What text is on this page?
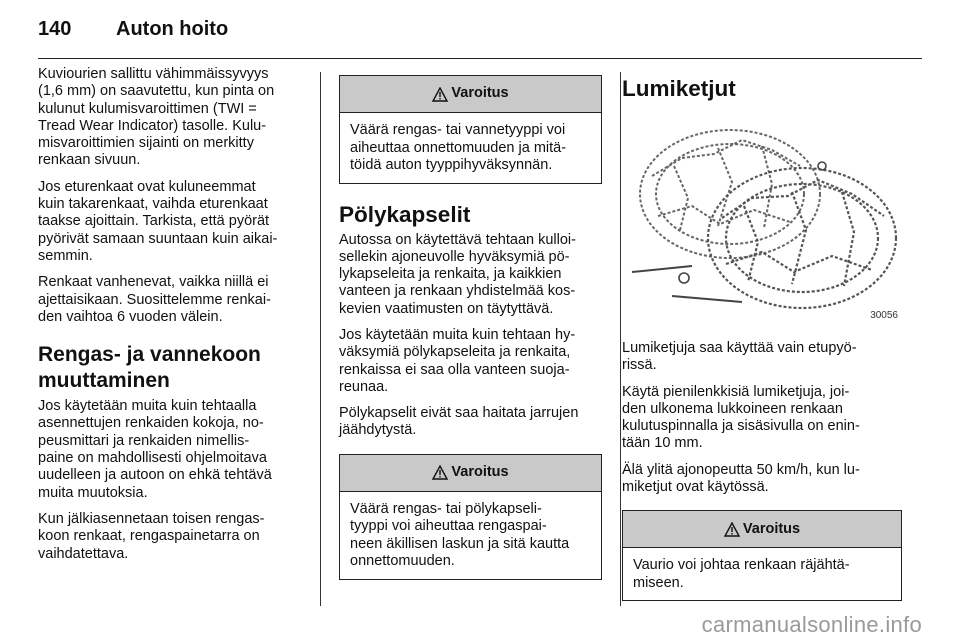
140	Auton hoito

Kuviourien sallittu vähimmäissyvyys
(1,6 mm) on saavutettu, kun pinta on
kulunut kulumisvaroittimen (TWI =
Tread Wear Indicator) tasolle. Kulu-
misvaroittimien sijainti on merkitty
renkaan sivuun.

Jos eturenkaat ovat kuluneemmat
kuin takarenkaat, vaihda eturenkaat
taakse ajoittain. Tarkista, että pyörät
pyörivät samaan suuntaan kuin aikai-
semmin.

Renkaat vanhenevat, vaikka niillä ei
ajettaisikaan. Suosittelemme renkai-
den vaihtoa 6 vuoden välein.

Rengas- ja vannekoon
muuttaminen

Jos käytetään muita kuin tehtaalla
asennettujen renkaiden kokoja, no-
peusmittari ja renkaiden nimellis-
paine on mahdollisesti ohjelmoitava
uudelleen ja autoon on ehkä tehtävä
muita muutoksia.

Kun jälkiasennetaan toisen rengas-
koon renkaat, rengaspainetarra on
vaihdatettava.

Varoitus
Väärä rengas- tai vannetyyppi voi
aiheuttaa onnettomuuden ja mitä-
töidä auton tyyppihyväksynnän.
Pölykapselit

Autossa on käytettävä tehtaan kulloi-
sellekin ajoneuvolle hyväksymiä pö-
lykapseleita ja renkaita, ja kaikkien
vanteen ja renkaan yhdistelmää kos-
kevien vaatimusten on täytyttävä.

Jos käytetään muita kuin tehtaan hy-
väksymiä pölykapseleita ja renkaita,
renkaissa ei saa olla vanteen suoja-
reunaa.

Pölykapselit eivät saa haitata jarrujen
jäähdytystä.

Varoitus
Väärä rengas- tai pölykapseli-
tyyppi voi aiheuttaa rengaspai-
neen äkillisen laskun ja sitä kautta
onnettomuuden.
Lumiketjut
30056

Lumiketjuja saa käyttää vain etupyö-
rissä.

Käytä pienilenkkisiä lumiketjuja, joi-
den ulkonema lukkoineen renkaan
kulutuspinnalla ja sisäsivulla on enin-
tään 10 mm.

Älä ylitä ajonopeutta 50 km/h, kun lu-
miketjut ovat käytössä.

Varoitus
Vaurio voi johtaa renkaan räjähtä-
miseen.
carmanualsonline.info
